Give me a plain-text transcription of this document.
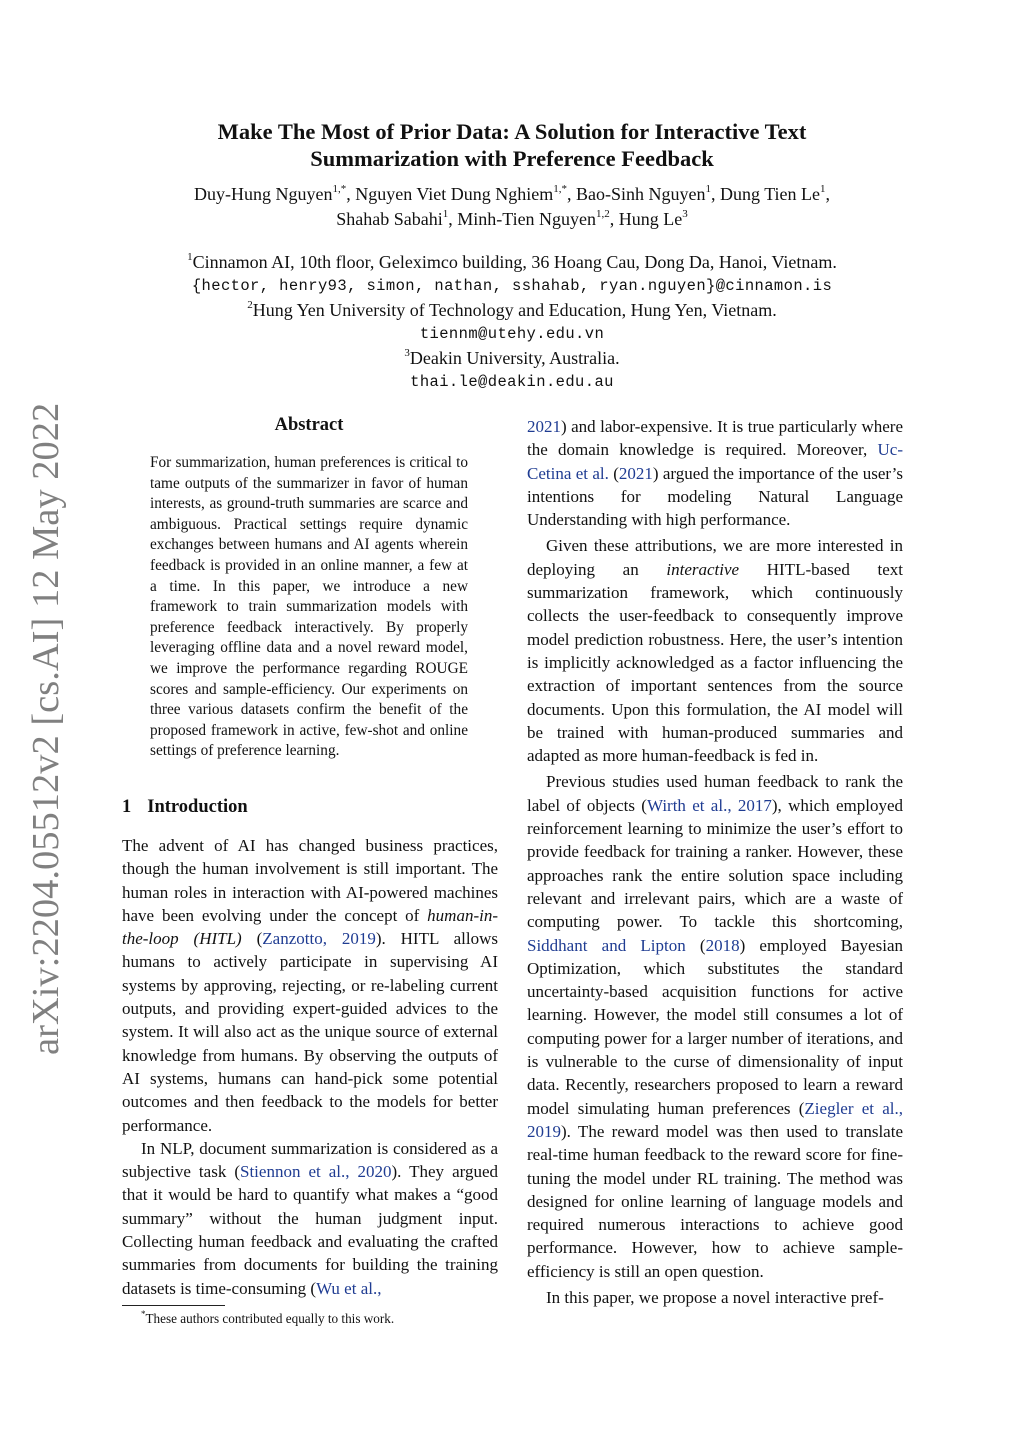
arXiv:2204.05512v2 [cs.AI] 12 May 2022
Make The Most of Prior Data: A Solution for Interactive Text
Summarization with Preference Feedback
Duy-Hung Nguyen$^{1,*}$, Nguyen Viet Dung Nghiem$^{1,*}$, Bao-Sinh Nguyen$^1$, Dung Tien Le$^1$,
Shahab Sabahi$^1$, Minh-Tien Nguyen$^{1,2}$, Hung Le$^3$
$^1$Cinnamon AI, 10th floor, Geleximco building, 36 Hoang Cau, Dong Da, Hanoi, Vietnam.
{hector, henry93, simon, nathan, sshahab, ryan.nguyen}@cinnamon.is
$^2$Hung Yen University of Technology and Education, Hung Yen, Vietnam.
tiennm@utehy.edu.vn
$^3$Deakin University, Australia.
thai.le@deakin.edu.au
Abstract

For summarization, human preferences is critical to tame outputs of the summarizer in favor of human interests, as ground-truth summaries are scarce and ambiguous. Practical settings require dynamic exchanges between humans and AI agents wherein feedback is provided in an online manner, a few at a time. In this paper, we introduce a new framework to train summarization models with preference feedback interactively. By properly leveraging offline data and a novel reward model, we improve the performance regarding ROUGE scores and sample-efficiency. Our experiments on three various datasets confirm the benefit of the proposed framework in active, few-shot and online settings of preference learning.

1 Introduction

The advent of AI has changed business practices, though the human involvement is still important. The human roles in interaction with AI-powered machines have been evolving under the concept of human-in-the-loop (HITL) (Zanzotto, 2019). HITL allows humans to actively participate in supervising AI systems by approving, rejecting, or re-labeling current outputs, and providing expert-guided advices to the system. It will also act as the unique source of external knowledge from humans. By observing the outputs of AI systems, humans can hand-pick some potential outcomes and then feedback to the models for better performance.

In NLP, document summarization is considered as a subjective task (Stiennon et al., 2020). They argued that it would be hard to quantify what makes a “good summary” without the human judgment input. Collecting human feedback and evaluating the crafted summaries from documents for building the training datasets is time-consuming (Wu et al.,

*These authors contributed equally to this work.

2021) and labor-expensive. It is true particularly where the domain knowledge is required. Moreover, Uc-Cetina et al. (2021) argued the importance of the user’s intentions for modeling Natural Language Understanding with high performance.

Given these attributions, we are more interested in deploying an interactive HITL-based text summarization framework, which continuously collects the user-feedback to consequently improve model prediction robustness. Here, the user’s intention is implicitly acknowledged as a factor influencing the extraction of important sentences from the source documents. Upon this formulation, the AI model will be trained with human-produced summaries and adapted as more human-feedback is fed in.

Previous studies used human feedback to rank the label of objects (Wirth et al., 2017), which employed reinforcement learning to minimize the user’s effort to provide feedback for training a ranker. However, these approaches rank the entire solution space including relevant and irrelevant pairs, which are a waste of computing power. To tackle this shortcoming, Siddhant and Lipton (2018) employed Bayesian Optimization, which substitutes the standard uncertainty-based acquisition functions for active learning. However, the model still consumes a lot of computing power for a larger number of iterations, and is vulnerable to the curse of dimensionality of input data. Recently, researchers proposed to learn a reward model simulating human preferences (Ziegler et al., 2019). The reward model was then used to translate real-time human feedback to the reward score for fine-tuning the model under RL training. The method was designed for online learning of language models and required numerous interactions to achieve good performance. However, how to achieve sample-efficiency is still an open question.

In this paper, we propose a novel interactive pref-
